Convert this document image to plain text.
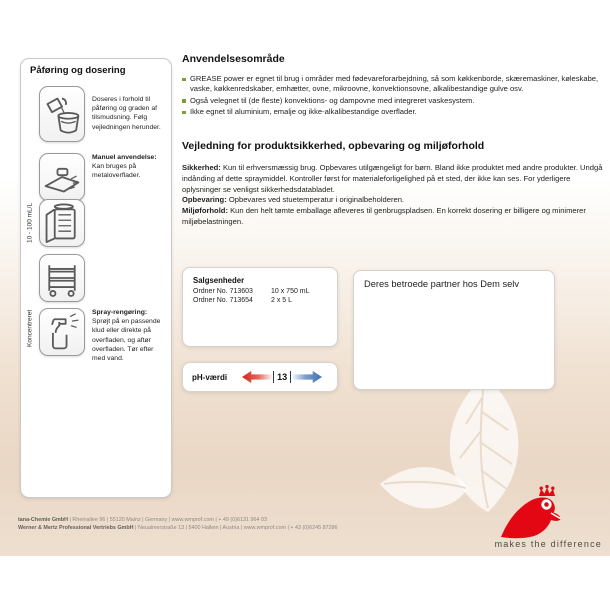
Påføring og dosering
Doseres i forhold til påføring og graden af tilsmudsning. Følg vejledningen herunder.
Manuel anvendelse: Kan bruges på metaloverflader.
Spray-rengøring: Sprøjt på en passende klud eller direkte på overfladen, og aftør overfladen. Tør efter med vand.
10 - 100 mL/L
Koncentreret
Anvendelsesområde
GREASE power er egnet til brug i områder med fødevareforarbejdning, så som køkkenborde, skæremaskiner, køleskabe, vaske, køkkenredskaber, emhætter, ovne, mikroovne, konvektionsovne, alkalibestandige gulve osv.
Også velegnet til (de fleste) konvektions- og dampovne med integreret vaskesystem.
Ikke egnet til aluminium, emalje og ikke-alkalibestandige overflader.
Vejledning for produktsikkerhed, opbevaring og miljøforhold

Sikkerhed: Kun til erhversmæssig brug. Opbevares utilgængeligt for børn. Bland ikke produktet med andre produkter. Undgå indånding af dette spraymiddel. Kontroller først for materialeforligelighed på et sted, der ikke kan ses. For yderligere oplysninger se venligst sikkerhedsdatabladet.

Opbevaring: Opbevares ved stuetemperatur i originalbeholderen.

Miljøforhold: Kun den helt tømte emballage afleveres til genbrugspladsen. En korrekt dosering er billigere og minimerer miljøbelastningen.

Salgsenheder
Ordner No. 713603	10 x 750 mL
Ordner No. 713654	2 x 5 L
pH-værdi	13

Deres betroede partner hos Dem selv

tana-Chemie GmbH | Rheinallee 96 | 55120 Mainz | Germany | www.wmprof.com | + 49 (0)6131 964 03
Werner & Mertz Professional Vertriebs GmbH | Neualmerstraße 13 | 5400 Hallein | Austria | www.wmprof.com | + 43 (0)6245 87286
makes the difference
